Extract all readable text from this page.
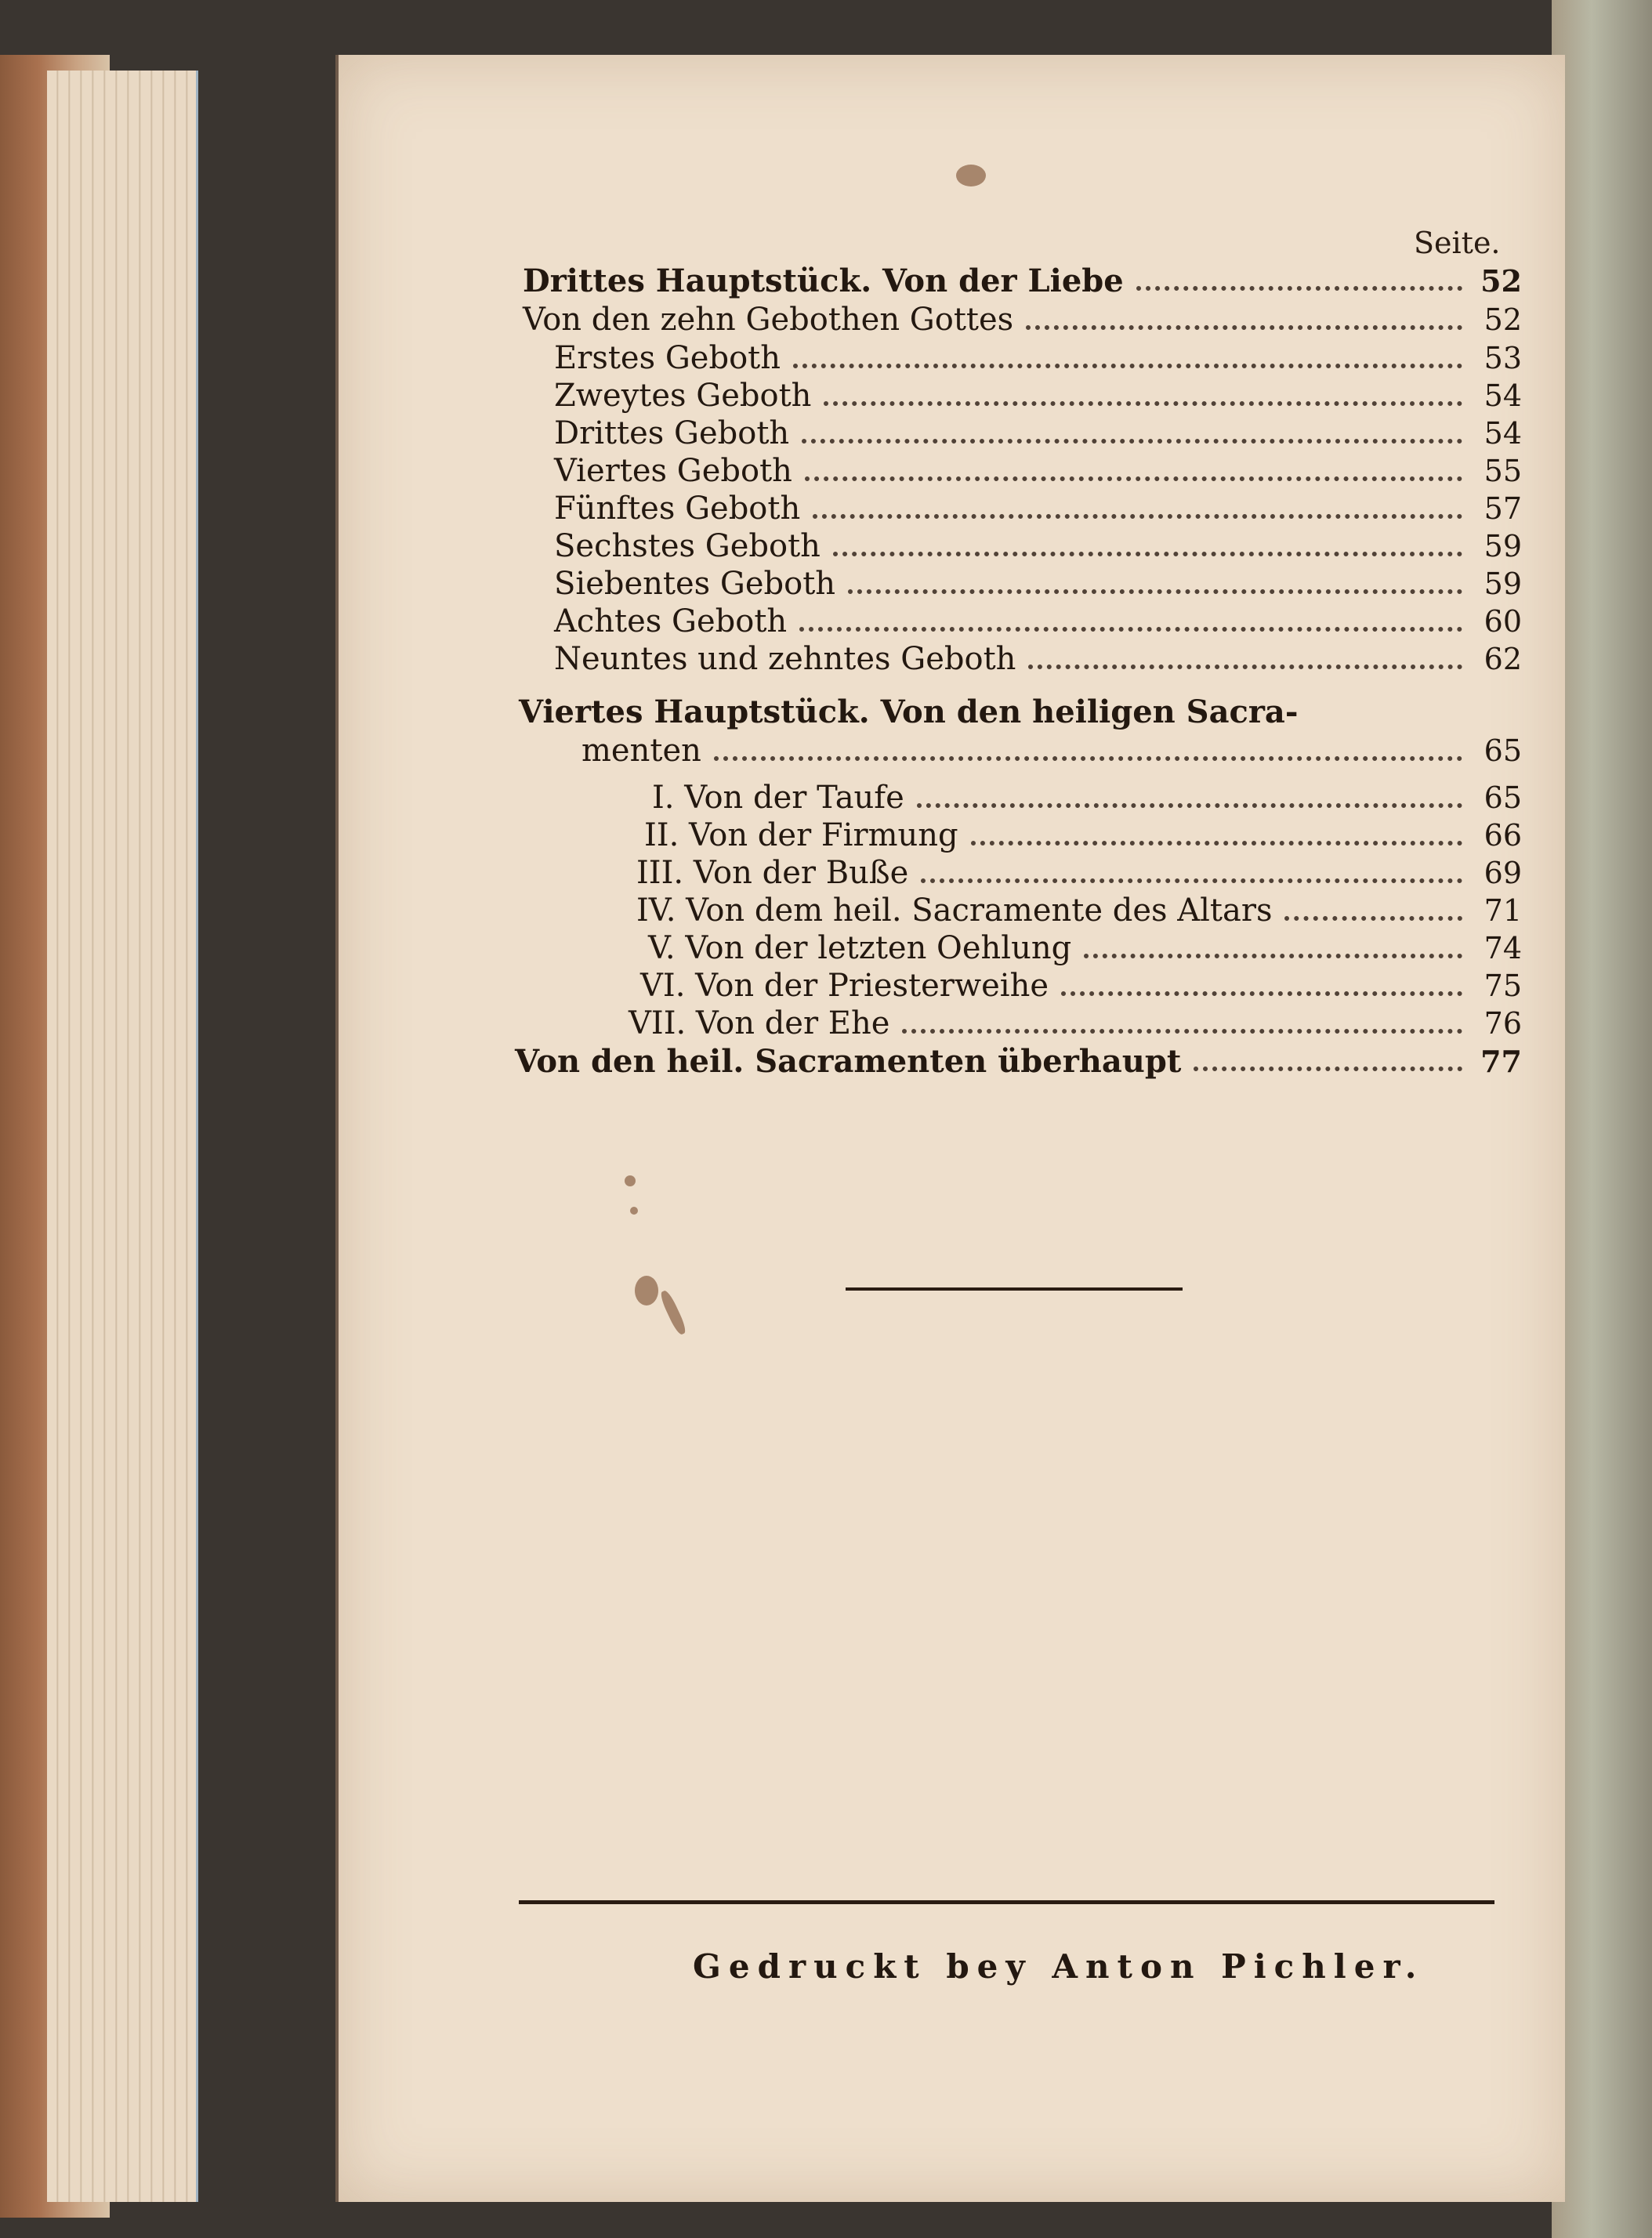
Seite.
Drittes Hauptstück. Von der Liebe	52
Von den zehn Gebothen Gottes	52
Erstes Geboth	53
Zweytes Geboth	54
Drittes Geboth	54
Viertes Geboth	55
Fünftes Geboth	57
Sechstes Geboth	59
Siebentes Geboth	59
Achtes Geboth	60
Neuntes und zehntes Geboth	62
Viertes Hauptstück. Von den heiligen Sacra-
menten	65
I. Von der Taufe	65
II. Von der Firmung	66
III. Von der Buße	69
IV. Von dem heil. Sacramente des Altars	71
V. Von der letzten Oehlung	74
VI. Von der Priesterweihe	75
VII. Von der Ehe	76
Von den heil. Sacramenten überhaupt	77
Gedruckt bey Anton Pichler.
